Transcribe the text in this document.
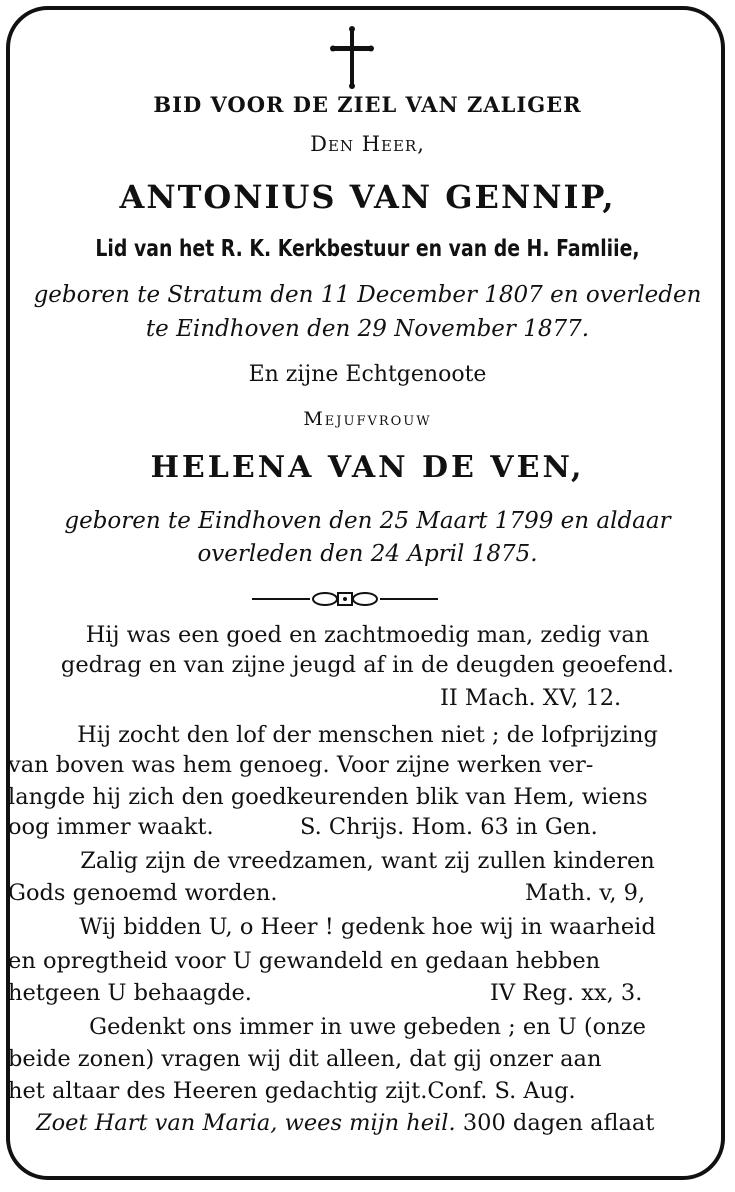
BID VOOR DE ZIEL VAN ZALIGER
Den Heer,
ANTONIUS VAN GENNIP,
Lid van het R. K. Kerkbestuur en van de H. Famliie,
geboren te Stratum den 11 December 1807 en overleden
te Eindhoven den 29 November 1877.
En zijne Echtgenoote
Mejufvrouw
HELENA VAN DE VEN,
geboren te Eindhoven den 25 Maart 1799 en aldaar
overleden den 24 April 1875.
Hij was een goed en zachtmoedig man, zedig van
gedrag en van zijne jeugd af in de deugden geoefend.
II Mach. XV, 12.
Hij zocht den lof der menschen niet ; de lofprijzing
van boven was hem genoeg. Voor zijne werken ver-
langde hij zich den goedkeurenden blik van Hem, wiens
oog immer waakt.	S. Chrijs. Hom. 63 in Gen.
Zalig zijn de vreedzamen, want zij zullen kinderen
Gods genoemd worden.	Math. v, 9,
Wij bidden U, o Heer ! gedenk hoe wij in waarheid
en opregtheid voor U gewandeld en gedaan hebben
hetgeen U behaagde.	IV Reg. xx, 3.
Gedenkt ons immer in uwe gebeden ; en U (onze
beide zonen) vragen wij dit alleen, dat gij onzer aan
het altaar des Heeren gedachtig zijt.Conf. S. Aug.
Zoet Hart van Maria, wees mijn heil. 300 dagen aflaat
